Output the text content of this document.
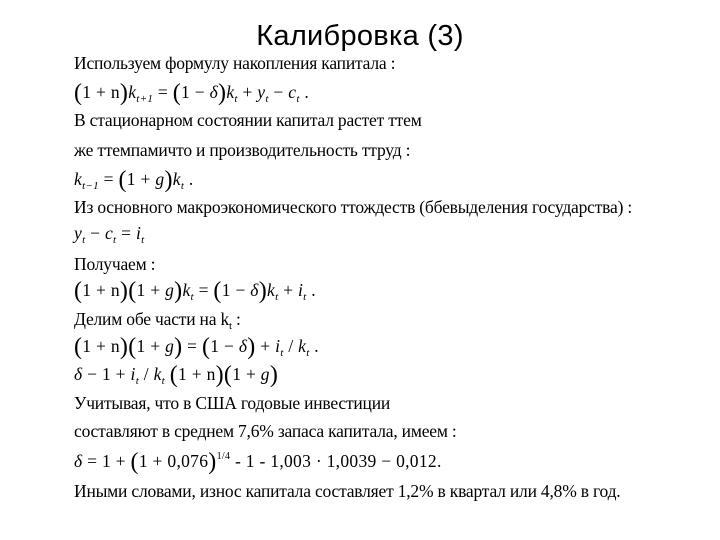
Калибровка (3)
Используем формулу накопления капитала :
$(1 + n)k_{t+1} = (1 - \delta)k_t + y_t - c_t$ .
В стационарном состоянии капитал растет ттем
же ттемпамичто и производительность ттруд :
$k_{t-1} = (1 + g)k_t$ .
Из основного макроэкономического ттождеств (ббевыделения государства) :
$y_t - c_t = i_t$
Получаем :
$(1 + n)(1 + g)k_t = (1 - \delta)k_t + i_t$ .
Делим обе части на $k_t$ :
$(1 + n)(1 + g) = (1 - \delta) + i_t / k_t$ .
$\delta - 1 + i_t / k_t$ (1 + n)(1 + g)
Учитывая, что в США годовые инвестиции
составляют в среднем 7,6% запаса капитала, имеем :
$\delta = 1 + (1 + 0,076)^{1/4} - 1 - 1,003 \cdot 1,0039 - 0,012$.
Иными словами, износ капитала составляет 1,2% в квартал или 4,8% в год.
